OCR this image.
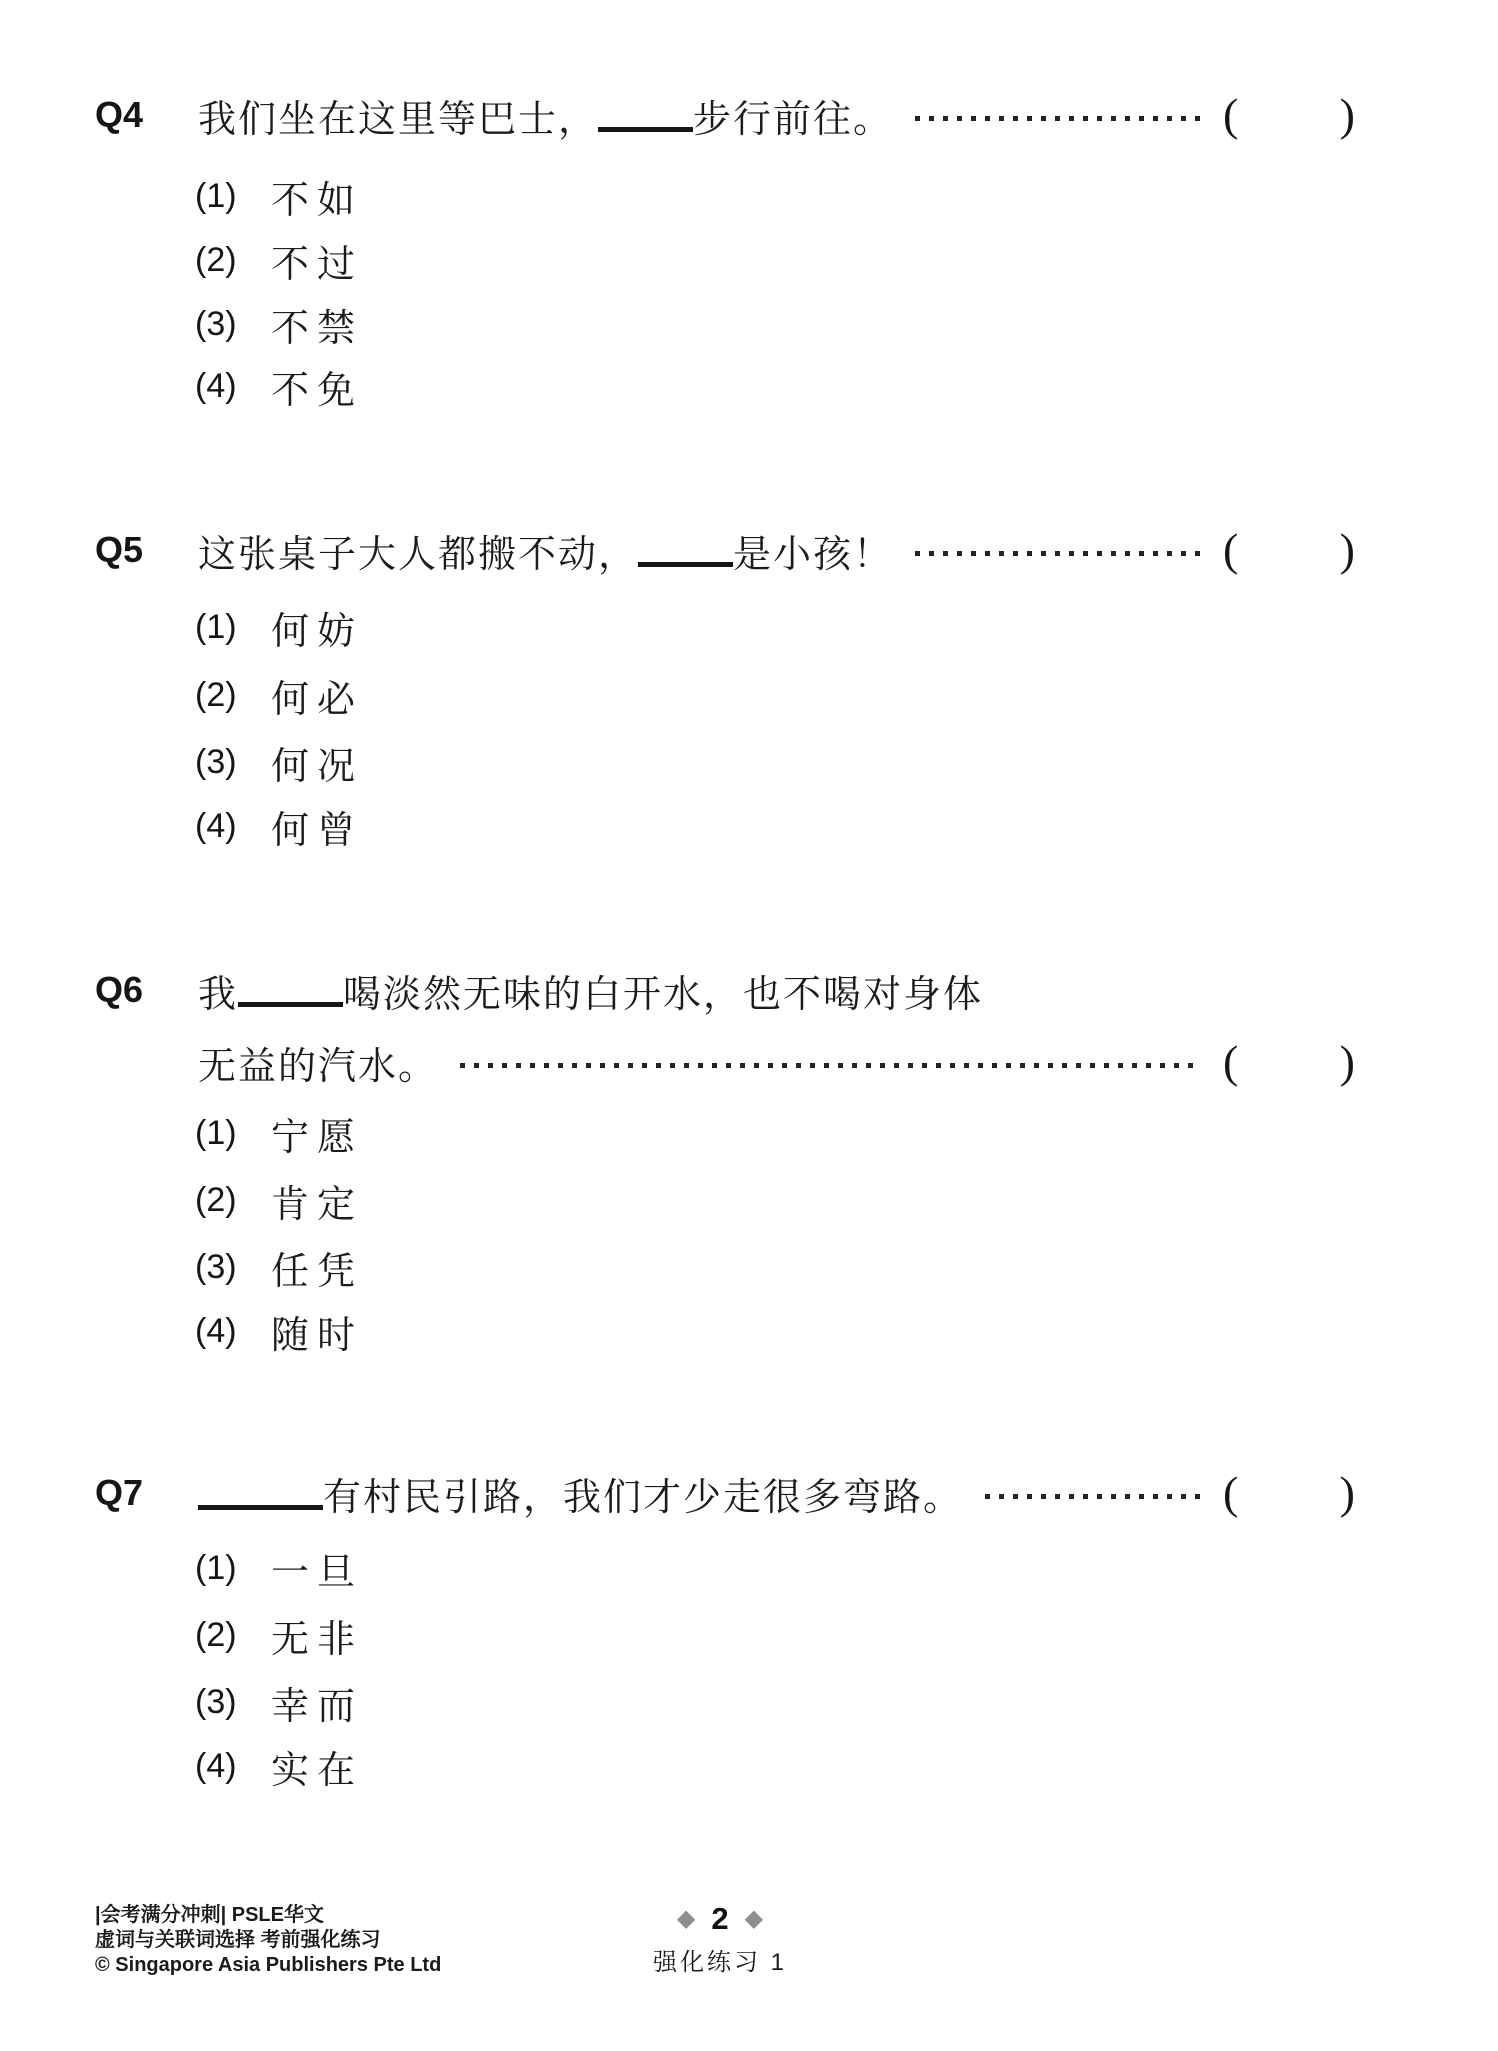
Q4	我们坐在这里等巴士，	步行前往。	( )
(1) 不如
(2) 不过
(3) 不禁
(4) 不免
Q5	这张桌子大人都搬不动，	是小孩！	( )
(1) 何妨
(2) 何必
(3) 何况
(4) 何曾
Q6	我	喝淡然无味的白开水，也不喝对身体
无益的汽水。	( )
(1) 宁愿
(2) 肯定
(3) 任凭
(4) 随时
Q7	有村民引路，我们才少走很多弯路。	( )
(1) 一旦
(2) 无非
(3) 幸而
(4) 实在
|会考满分冲刺| PSLE华文
虚词与关联词选择 考前强化练习
© Singapore Asia Publishers Pte Ltd
◆ 2 ◆
强化练习 1
